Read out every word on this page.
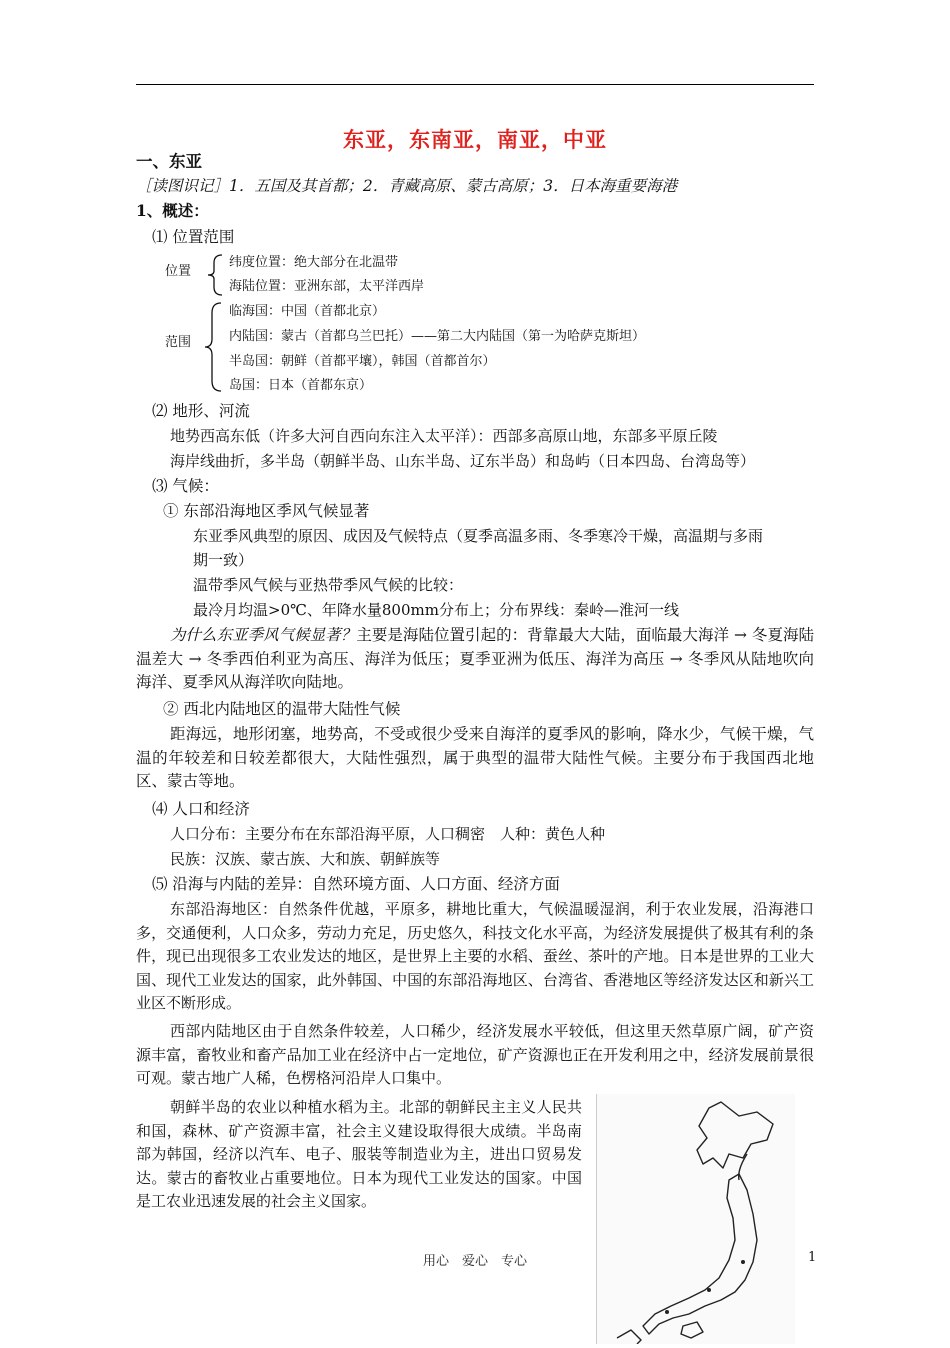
东亚，东南亚，南亚，中亚
一、东亚
［读图识记］1．五国及其首都；2．青藏高原、蒙古高原；3．日本海重要海港
1、概述：
⑴ 位置范围
位置
纬度位置：绝大部分在北温带
海陆位置：亚洲东部，太平洋西岸
范围
临海国：中国（首都北京）
内陆国：蒙古（首都乌兰巴托）——第二大内陆国（第一为哈萨克斯坦）
半岛国：朝鲜（首都平壤），韩国（首都首尔）
岛国：日本（首都东京）
⑵ 地形、河流
地势西高东低（许多大河自西向东注入太平洋）：西部多高原山地，东部多平原丘陵
海岸线曲折，多半岛（朝鲜半岛、山东半岛、辽东半岛）和岛屿（日本四岛、台湾岛等）
⑶ 气候：
① 东部沿海地区季风气候显著
东亚季风典型的原因、成因及气候特点（夏季高温多雨、冬季寒冷干燥，高温期与多雨
期一致）
温带季风气候与亚热带季风气候的比较：
最冷月均温>0℃、年降水量800mm分布上；分布界线：秦岭—淮河一线
为什么东亚季风气候显著？主要是海陆位置引起的：背靠最大大陆，面临最大海洋 → 冬夏海陆温差大 → 冬季西伯利亚为高压、海洋为低压；夏季亚洲为低压、海洋为高压 → 冬季风从陆地吹向海洋、夏季风从海洋吹向陆地。
② 西北内陆地区的温带大陆性气候
距海远，地形闭塞，地势高，不受或很少受来自海洋的夏季风的影响，降水少，气候干燥，气温的年较差和日较差都很大，大陆性强烈，属于典型的温带大陆性气候。主要分布于我国西北地区、蒙古等地。
⑷ 人口和经济
人口分布：主要分布在东部沿海平原，人口稠密　人种：黄色人种
民族：汉族、蒙古族、大和族、朝鲜族等
⑸ 沿海与内陆的差异：自然环境方面、人口方面、经济方面
东部沿海地区：自然条件优越，平原多，耕地比重大，气候温暖湿润，利于农业发展，沿海港口多，交通便利，人口众多，劳动力充足，历史悠久，科技文化水平高，为经济发展提供了极其有利的条件，现已出现很多工农业发达的地区，是世界上主要的水稻、蚕丝、茶叶的产地。日本是世界的工业大国、现代工业发达的国家，此外韩国、中国的东部沿海地区、台湾省、香港地区等经济发达区和新兴工业区不断形成。
西部内陆地区由于自然条件较差，人口稀少，经济发展水平较低，但这里天然草原广阔，矿产资源丰富，畜牧业和畜产品加工业在经济中占一定地位，矿产资源也正在开发利用之中，经济发展前景很可观。蒙古地广人稀，色楞格河沿岸人口集中。
朝鲜半岛的农业以种植水稻为主。北部的朝鲜民主主义人民共和国，森林、矿产资源丰富，社会主义建设取得很大成绩。半岛南部为韩国，经济以汽车、电子、服装等制造业为主，进出口贸易发达。蒙古的畜牧业占重要地位。日本为现代工业发达的国家。中国是工农业迅速发展的社会主义国家。
用心　爱心　专心	1
